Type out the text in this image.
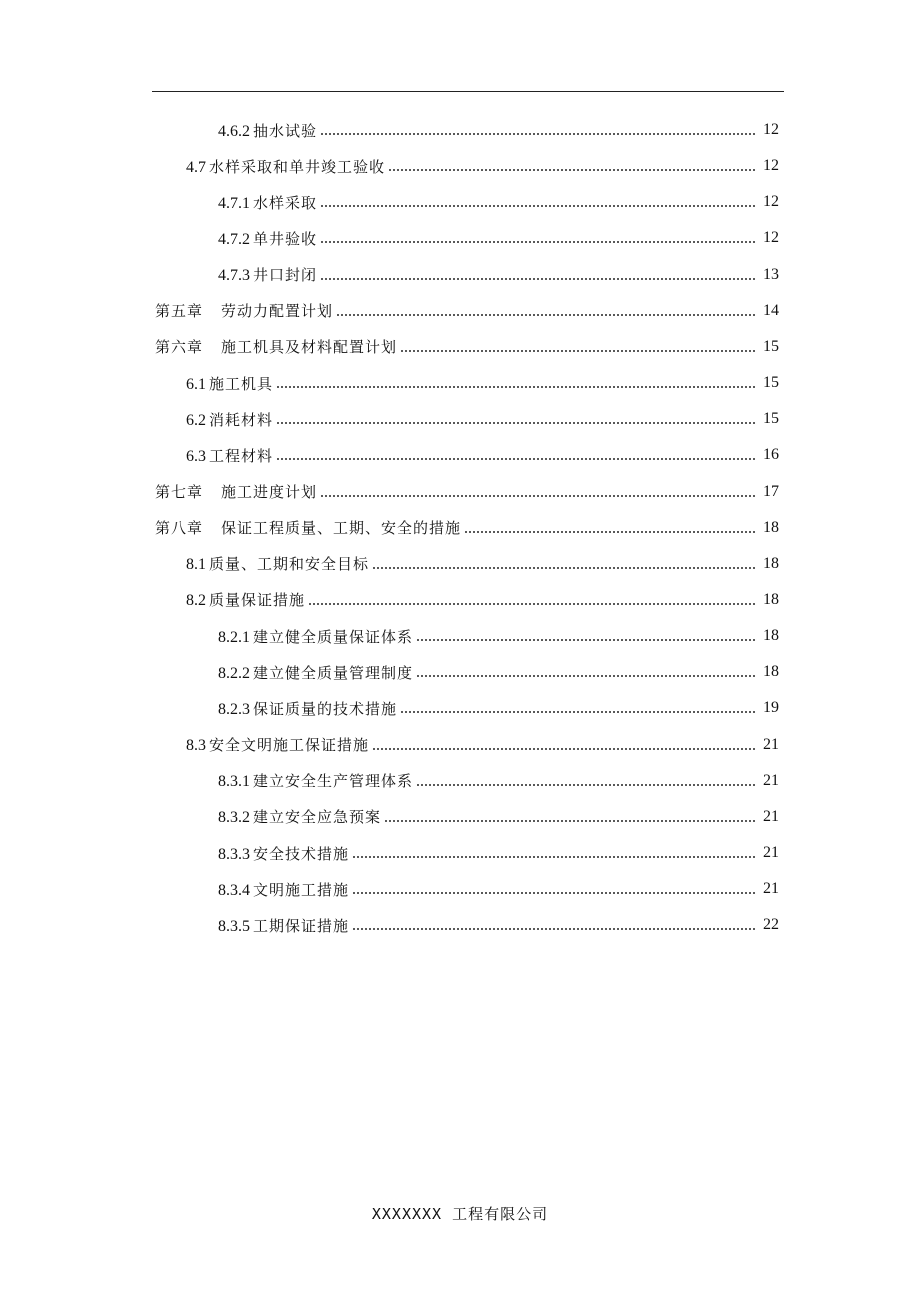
4.6.2 抽水试验	12
4.7 水样采取和单井竣工验收	12
4.7.1 水样采取	12
4.7.2 单井验收	12
4.7.3 井口封闭	13
第五章 劳动力配置计划	14
第六章 施工机具及材料配置计划	15
6.1 施工机具	15
6.2 消耗材料	15
6.3 工程材料	16
第七章 施工进度计划	17
第八章 保证工程质量、工期、安全的措施	18
8.1 质量、工期和安全目标	18
8.2 质量保证措施	18
8.2.1 建立健全质量保证体系	18
8.2.2 建立健全质量管理制度	18
8.2.3 保证质量的技术措施	19
8.3 安全文明施工保证措施	21
8.3.1 建立安全生产管理体系	21
8.3.2 建立安全应急预案	21
8.3.3 安全技术措施	21
8.3.4 文明施工措施	21
8.3.5 工期保证措施	22
XXXXXXX 工程有限公司
